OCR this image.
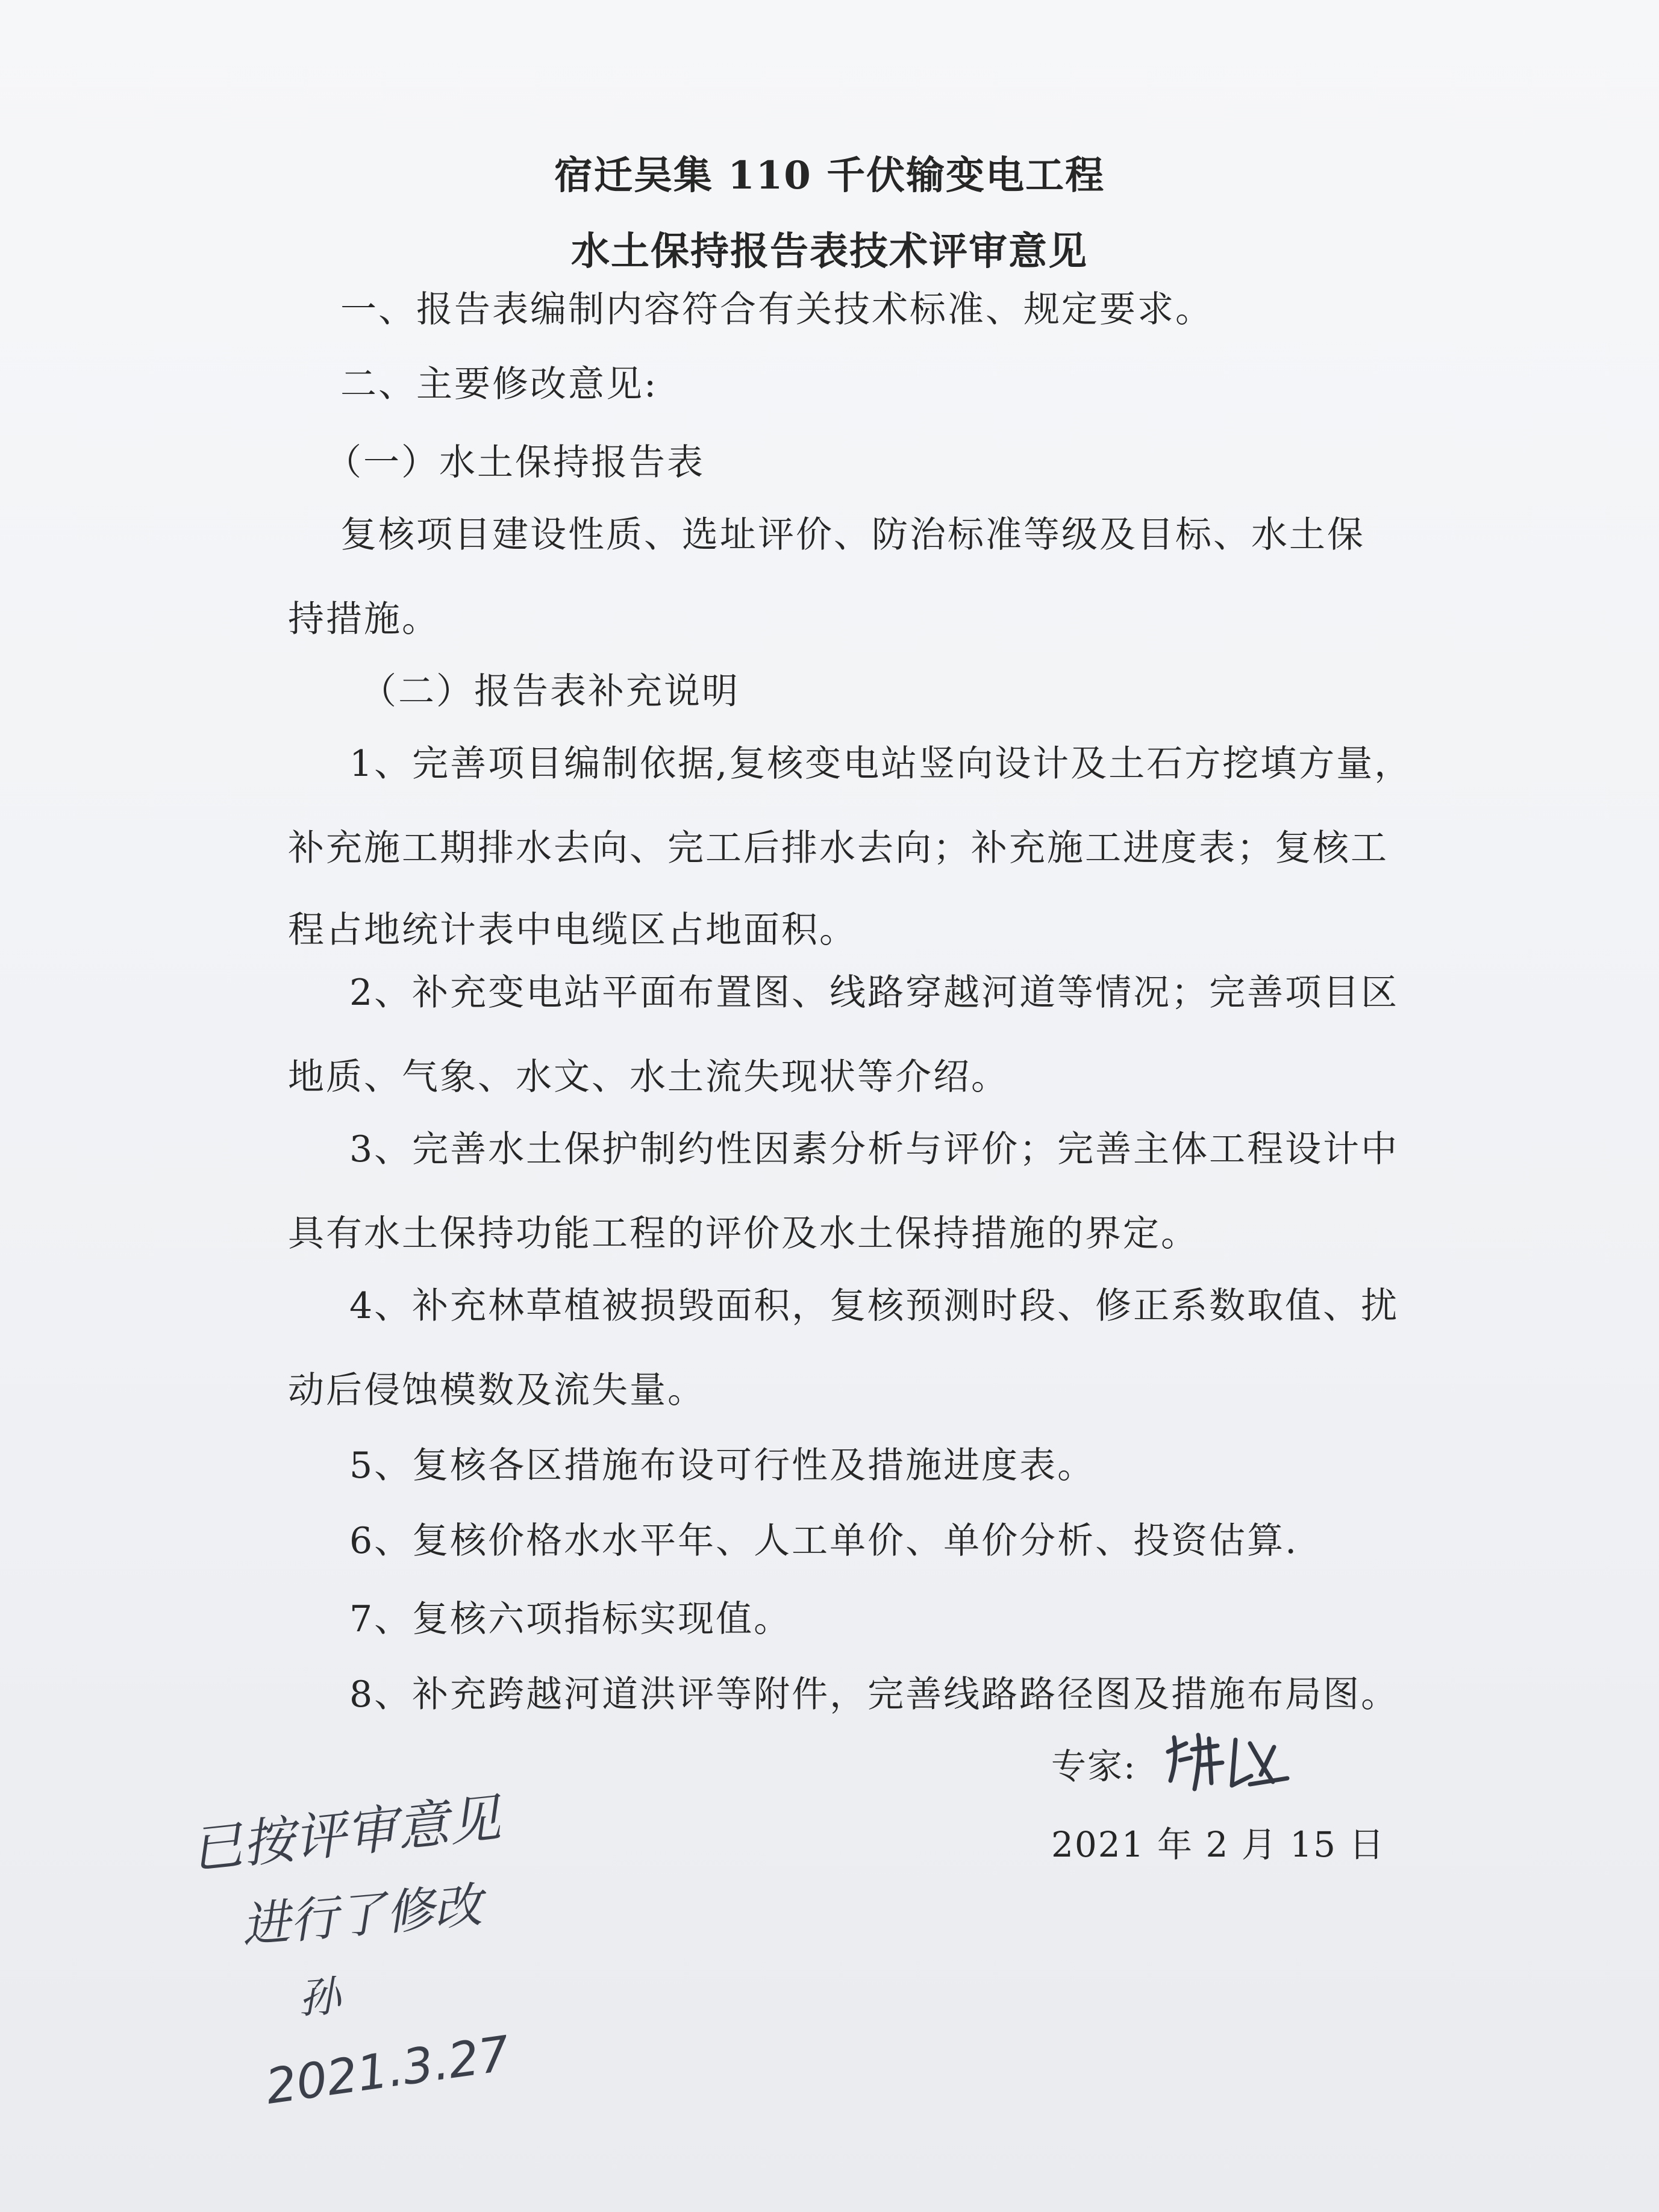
宿迁吴集 110 千伏输变电工程
水土保持报告表技术评审意见
一、报告表编制内容符合有关技术标准、规定要求。
二、主要修改意见:
（一）水土保持报告表
复核项目建设性质、选址评价、防治标准等级及目标、水土保
持措施。
（二）报告表补充说明
1、完善项目编制依据,复核变电站竖向设计及土石方挖填方量，
补充施工期排水去向、完工后排水去向；补充施工进度表；复核工
程占地统计表中电缆区占地面积。
2、补充变电站平面布置图、线路穿越河道等情况；完善项目区
地质、气象、水文、水土流失现状等介绍。
3、完善水土保护制约性因素分析与评价；完善主体工程设计中
具有水土保持功能工程的评价及水土保持措施的界定。
4、补充林草植被损毁面积，复核预测时段、修正系数取值、扰
动后侵蚀模数及流失量。
5、复核各区措施布设可行性及措施进度表。
6、复核价格水水平年、人工单价、单价分析、投资估算.
7、复核六项指标实现值。
8、补充跨越河道洪评等附件，完善线路路径图及措施布局图。
专家:
2021 年 2 月 15 日
已按评审意见
进行了修改
孙
2021.3.27
